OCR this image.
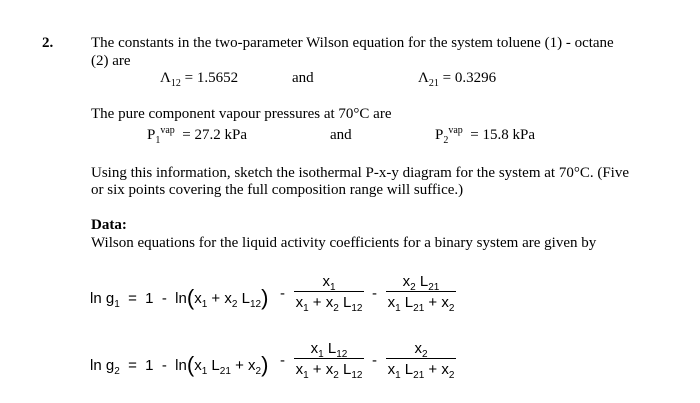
2.	The constants in the two-parameter Wilson equation for the system toluene (1) - octane
(2) are
$\Lambda_{12} = 1.5652$	and	$\Lambda_{21} = 0.3296$
The pure component vapour pressures at 70°C are
$P_1^{vap} = 27.2$ kPa	and	$P_2^{vap} = 15.8$ kPa
Using this information, sketch the isothermal P-x-y diagram for the system at 70°C. (Five
or six points covering the full composition range will suffice.)
Data:
Wilson equations for the liquid activity coefficients for a binary system are given by
$\ln g_1 = 1 - \ln(x_1 + x_2$ $L_{12}) - \frac{x_1}{x_1 + x_2 L_{12}} - \frac{x_2 L_{21}}{x_1 L_{21} + x_2}$
$\ln g_2 = 1 - \ln(x_1$ $L_{21} + x_2) - \frac{x_1 L_{12}}{x_1 + x_2 L_{12}} - \frac{x_2}{x_1 L_{21} + x_2}$
